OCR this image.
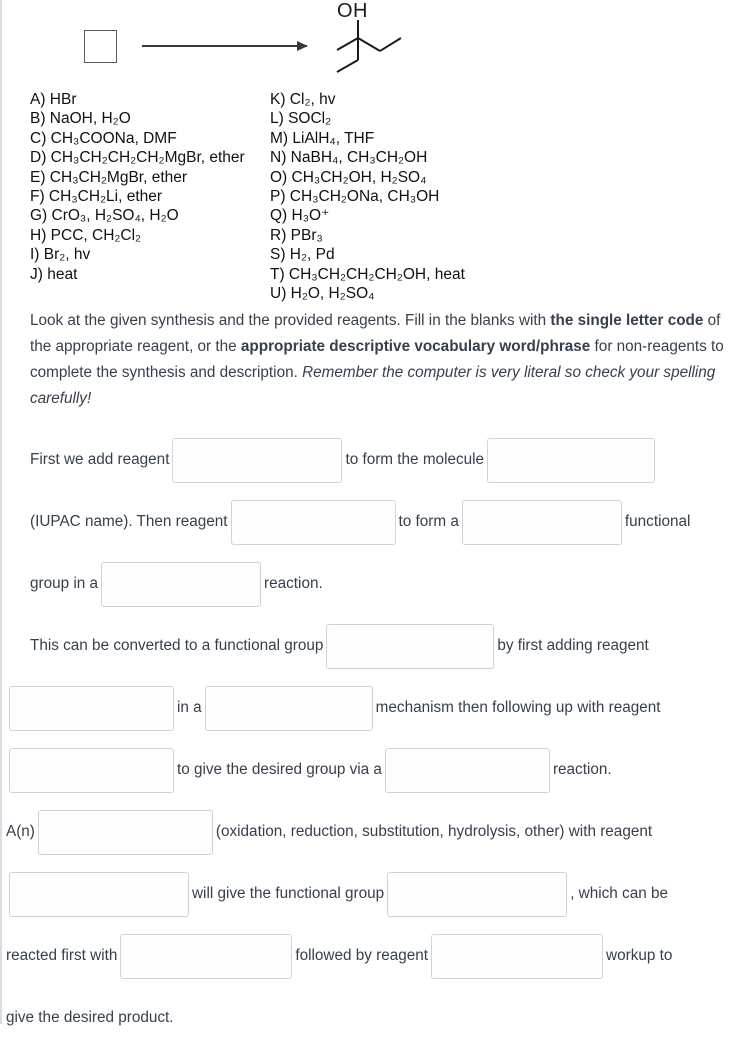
OH
A) HBr
B) NaOH, H₂O
C) CH₃COONa, DMF
D) CH₃CH₂CH₂CH₂MgBr, ether
E) CH₃CH₂MgBr, ether
F) CH₃CH₂Li, ether
G) CrO₃, H₂SO₄, H₂O
H) PCC, CH₂Cl₂
I) Br₂, hv
J) heat
K) Cl₂, hv
L) SOCl₂
M) LiAlH₄, THF
N) NaBH₄, CH₃CH₂OH
O) CH₃CH₂OH, H₂SO₄
P) CH₃CH₂ONa, CH₃OH
Q) H₃O⁺
R) PBr₃
S) H₂, Pd
T) CH₃CH₂CH₂CH₂OH, heat
U) H₂O, H₂SO₄

Look at the given synthesis and the provided reagents. Fill in the blanks with the single letter code of the appropriate reagent, or the appropriate descriptive vocabulary word/phrase for non-reagents to complete the synthesis and description. Remember the computer is very literal so check your spelling carefully!

First we add reagent	to form the molecule
(IUPAC name). Then reagent	to form a	functional
group in a	reaction.
This can be converted to a functional group	by first adding reagent
in a	mechanism then following up with reagent
to give the desired group via a	reaction.
A(n)	(oxidation, reduction, substitution, hydrolysis, other) with reagent
will give the functional group	, which can be
reacted first with	followed by reagent	workup to
give the desired product.
